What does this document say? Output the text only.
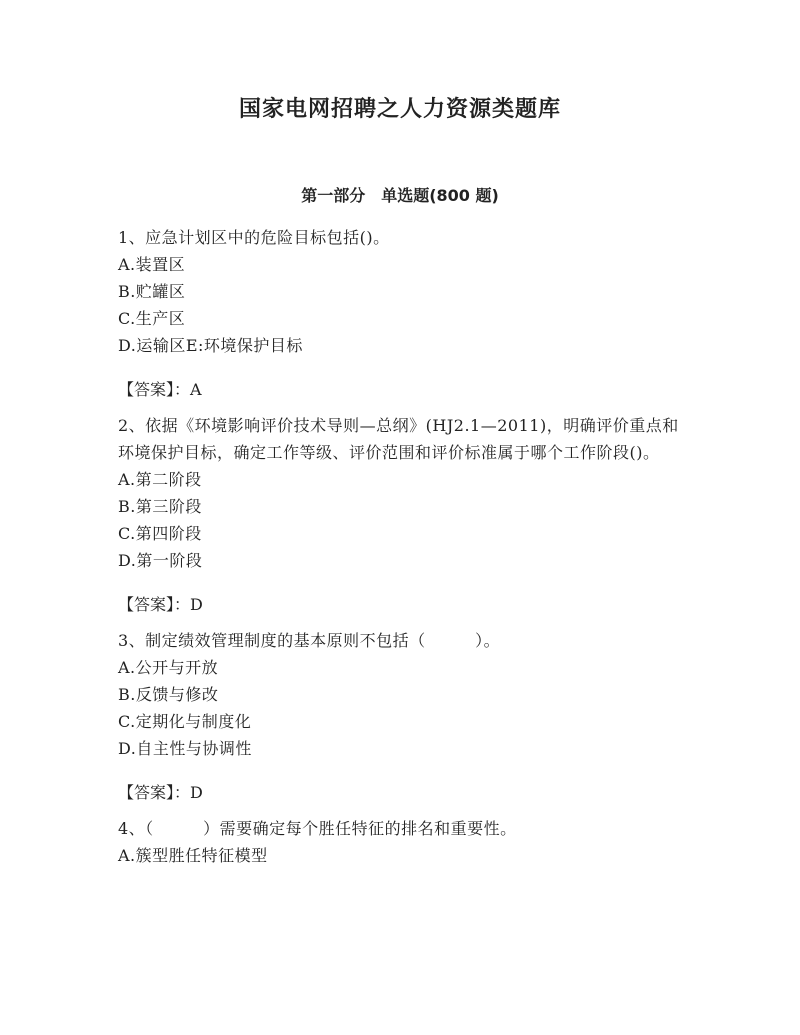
国家电网招聘之人力资源类题库
第一部分　单选题(800 题)
1、应急计划区中的危险目标包括()。
A.装置区
B.贮罐区
C.生产区
D.运输区E:环境保护目标
【答案】：A
2、依据《环境影响评价技术导则—总纲》(HJ2.1—2011)，明确评价重点和环境保护目标，确定工作等级、评价范围和评价标准属于哪个工作阶段()。
A.第二阶段
B.第三阶段
C.第四阶段
D.第一阶段
【答案】：D
3、制定绩效管理制度的基本原则不包括（　　　）。
A.公开与开放
B.反馈与修改
C.定期化与制度化
D.自主性与协调性
【答案】：D
4、（　　　）需要确定每个胜任特征的排名和重要性。
A.簇型胜任特征模型
